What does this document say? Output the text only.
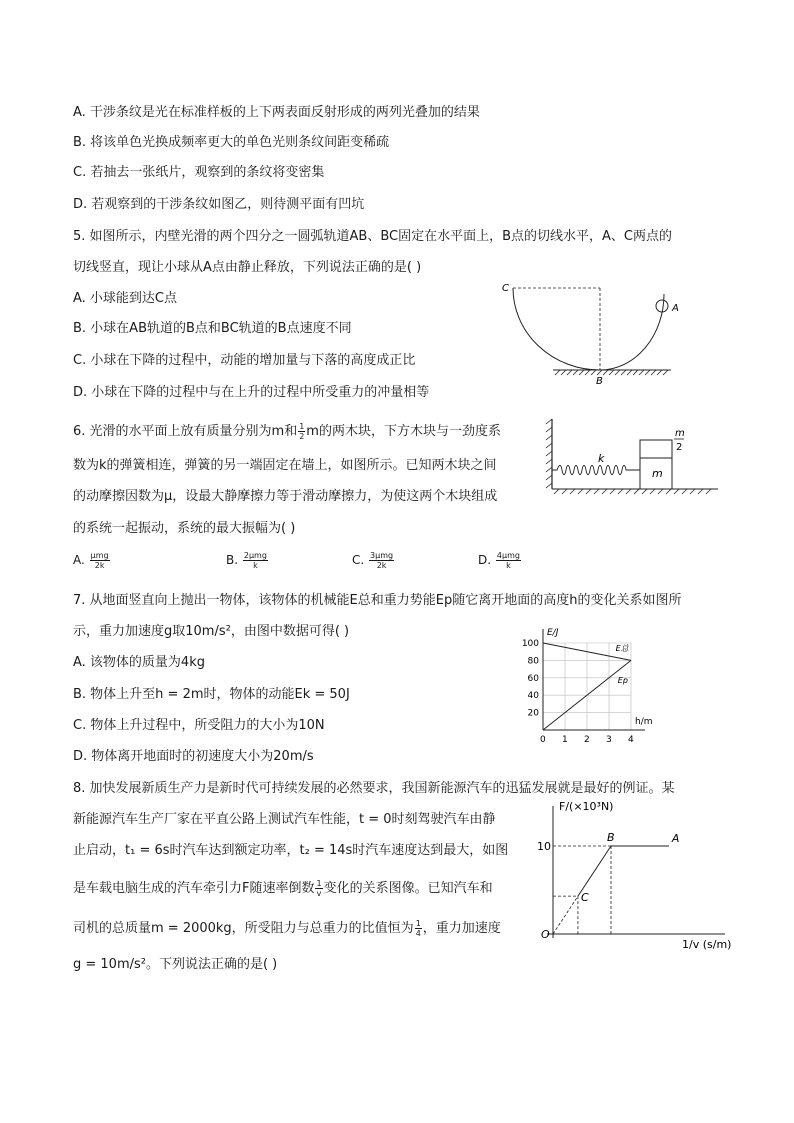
A. 干涉条纹是光在标准样板的上下两表面反射形成的两列光叠加的结果
B. 将该单色光换成频率更大的单色光则条纹间距变稀疏
C. 若抽去一张纸片，观察到的条纹将变密集
D. 若观察到的干涉条纹如图乙，则待测平面有凹坑
5. 如图所示，内壁光滑的两个四分之一圆弧轨道AB、BC固定在水平面上，B点的切线水平，A、C两点的
切线竖直，现让小球从A点由静止释放，下列说法正确的是( )
A. 小球能到达C点
B. 小球在AB轨道的B点和BC轨道的B点速度不同
C. 小球在下降的过程中，动能的增加量与下落的高度成正比
D. 小球在下降的过程中与在上升的过程中所受重力的冲量相等
C
A
B
6. 光滑的水平面上放有质量分别为m和 $\frac{1}{2}$ m的两木块，下方木块与一劲度系
数为k的弹簧相连，弹簧的另一端固定在墙上，如图所示。已知两木块之间
的动摩擦因数为μ，设最大静摩擦力等于滑动摩擦力，为使这两个木块组成
的系统一起振动，系统的最大振幅为( )
A. $\frac{\text{μmg}}{2k}$	B. $\frac{\text{2μmg}}{k}$	C. $\frac{\text{3μmg}}{2k}$	D. $\frac{\text{4μmg}}{k}$
k
m
m
2
7. 从地面竖直向上抛出一物体，该物体的机械能E总和重力势能Ep随它离开地面的高度h的变化关系如图所
示，重力加速度g取10m/s²，由图中数据可得( )
A. 该物体的质量为4kg
B. 物体上升至h = 2m时，物体的动能Ek = 50J
C. 物体上升过程中，所受阻力的大小为10N
D. 物体离开地面时的初速度大小为20m/s
E/J
h/m
0 1 2 3 4
20
40
60
80
100	E总
Ep
8. 加快发展新质生产力是新时代可持续发展的必然要求，我国新能源汽车的迅猛发展就是最好的例证。某
新能源汽车生产厂家在平直公路上测试汽车性能，t = 0时刻驾驶汽车由静
止启动，t₁ = 6s时汽车达到额定功率，t₂ = 14s时汽车速度达到最大，如图
是车载电脑生成的汽车牵引力F随速率倒数 $\frac{1}{v}$ 变化的关系图像。已知汽车和
司机的总质量m = 2000kg，所受阻力与总重力的比值恒为 $\frac{1}{4}$ ，重力加速度
g = 10m/s²。下列说法正确的是( )
F/(×10³N)
1/v (s/m)
O
10
B	A
C
